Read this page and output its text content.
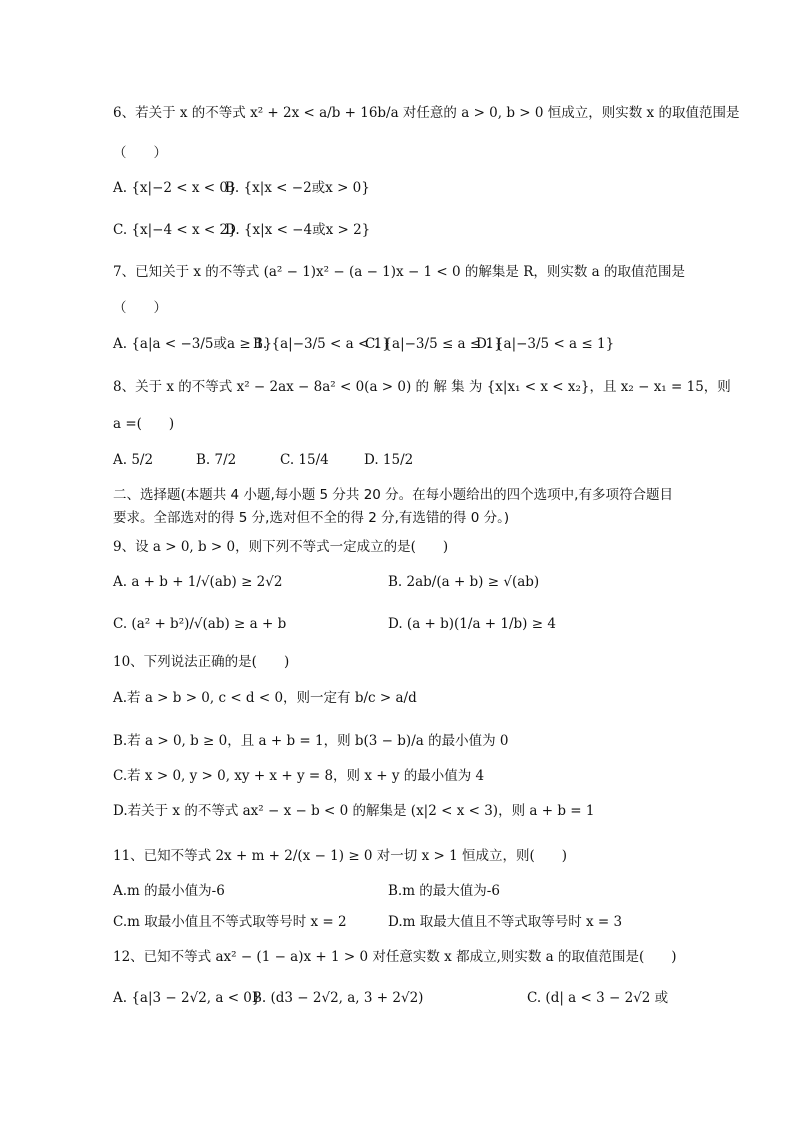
6、若关于 x 的不等式 x² + 2x < a/b + 16b/a 对任意的 a > 0, b > 0 恒成立，则实数 x 的取值范围是
（　　）
A. {x|−2 < x < 0}
B. {x|x < −2或x > 0}
C. {x|−4 < x < 2}
D. {x|x < −4或x > 2}
7、已知关于 x 的不等式 (a² − 1)x² − (a − 1)x − 1 < 0 的解集是 R，则实数 a 的取值范围是
（　　）
A. {a|a < −3/5或a ≥ 1}
B. {a|−3/5 < a < 1}
C. {a|−3/5 ≤ a ≤ 1}
D. {a|−3/5 < a ≤ 1}
8、关于 x 的不等式 x² − 2ax − 8a² < 0(a > 0) 的 解 集 为 {x|x₁ < x < x₂}，且 x₂ − x₁ = 15，则
a =(　　)
A. 5/2	B. 7/2	C. 15/4	D. 15/2
二、选择题(本题共 4 小题,每小题 5 分共 20 分。在每小题给出的四个选项中,有多项符合题目
要求。全部选对的得 5 分,选对但不全的得 2 分,有选错的得 0 分。)
9、设 a > 0, b > 0，则下列不等式一定成立的是(　　)
A. a + b + 1/√(ab) ≥ 2√2	B. 2ab/(a + b) ≥ √(ab)
C. (a² + b²)/√(ab) ≥ a + b	D. (a + b)(1/a + 1/b) ≥ 4
10、下列说法正确的是(　　)
A.若 a > b > 0, c < d < 0，则一定有 b/c > a/d
B.若 a > 0, b ≥ 0，且 a + b = 1，则 b(3 − b)/a 的最小值为 0
C.若 x > 0, y > 0, xy + x + y = 8，则 x + y 的最小值为 4
D.若关于 x 的不等式 ax² − x − b < 0 的解集是 (x|2 < x < 3)，则 a + b = 1
11、已知不等式 2x + m + 2/(x − 1) ≥ 0 对一切 x > 1 恒成立，则(　　)
A.m 的最小值为-6	B.m 的最大值为-6
C.m 取最小值且不等式取等号时 x = 2	D.m 取最大值且不等式取等号时 x = 3
12、已知不等式 ax² − (1 − a)x + 1 > 0 对任意实数 x 都成立,则实数 a 的取值范围是(　　)
A. {a|3 − 2√2, a < 0}
B. (d3 − 2√2, a, 3 + 2√2)	C. (d| a < 3 − 2√2 或
